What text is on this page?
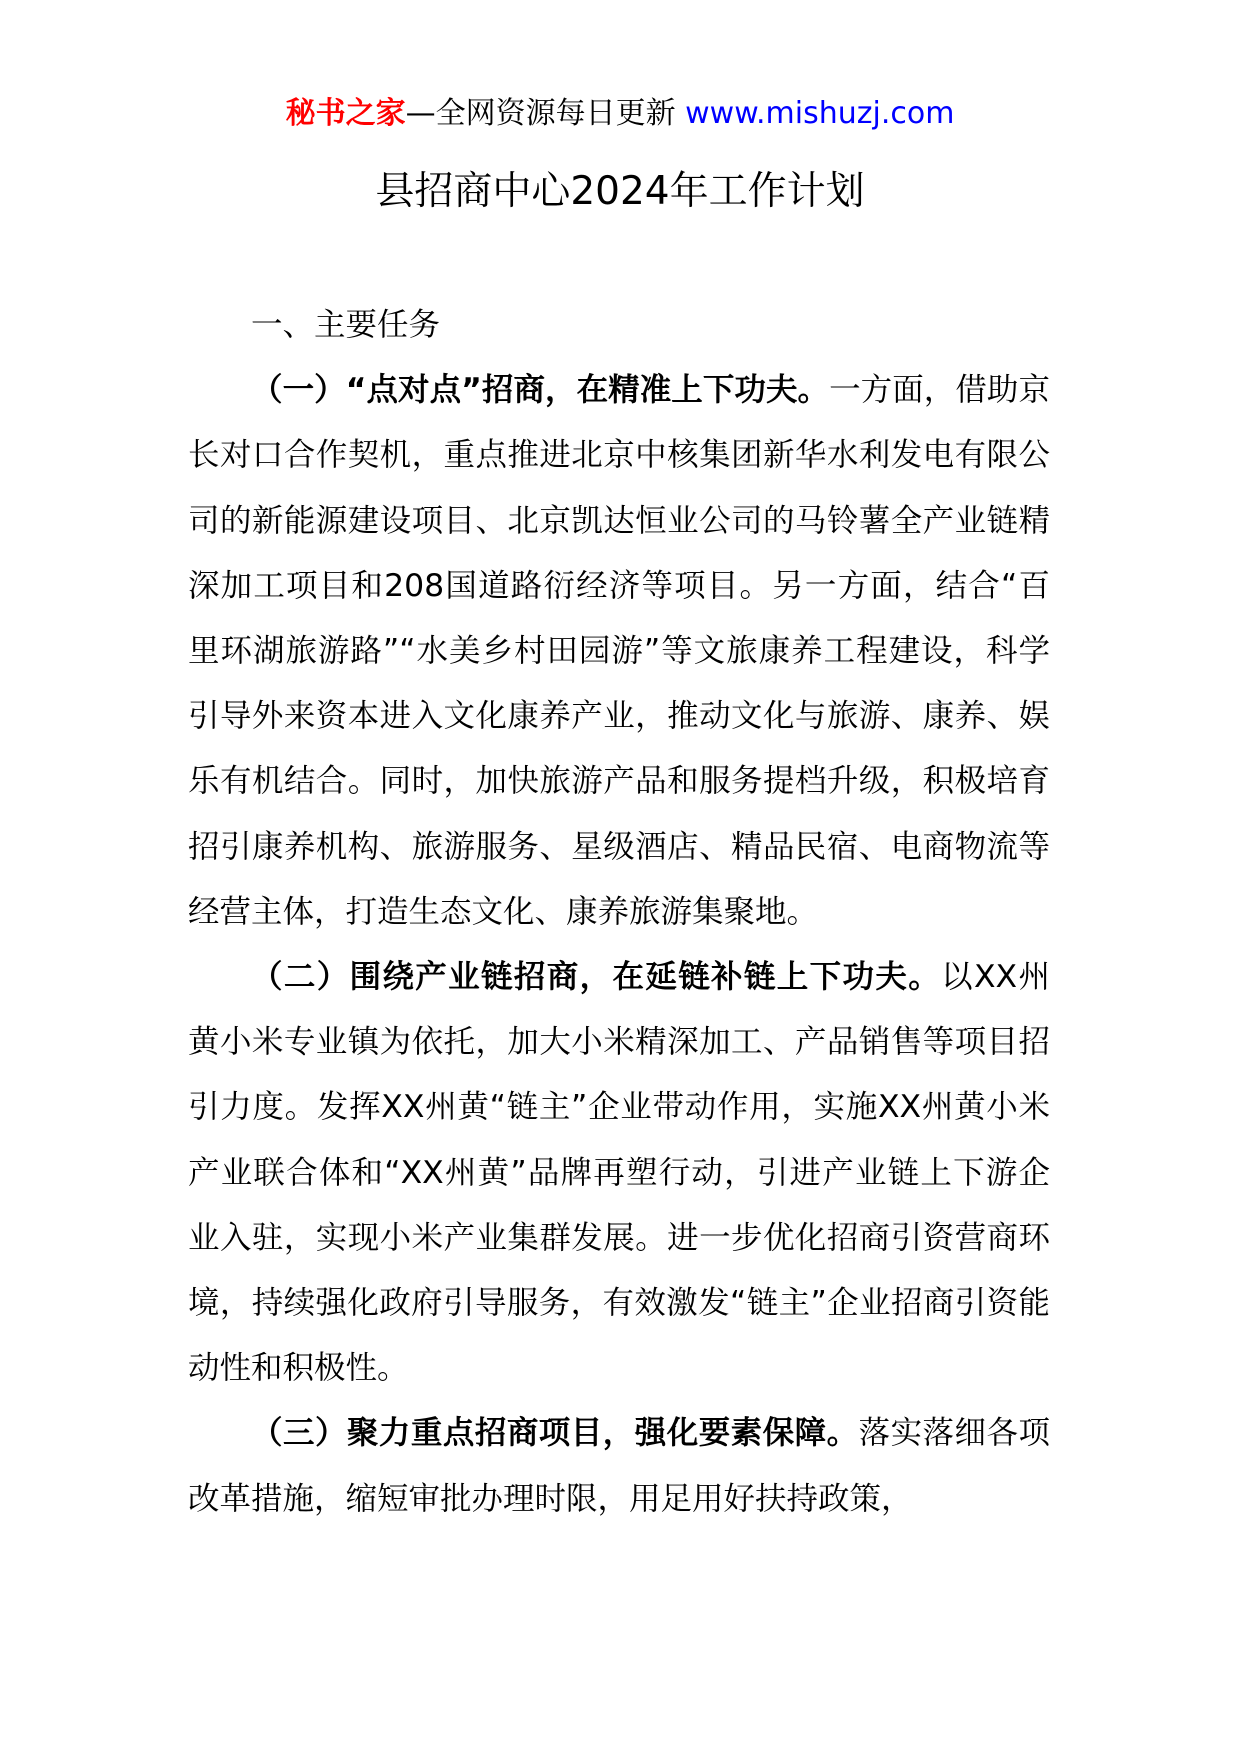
秘书之家—全网资源每日更新 www.mishuzj.com
县招商中心2024年工作计划

一、主要任务

（一）“点对点”招商，在精准上下功夫。一方面，借助京长对口合作契机，重点推进北京中核集团新华水利发电有限公司的新能源建设项目、北京凯达恒业公司的马铃薯全产业链精深加工项目和208国道路衍经济等项目。另一方面，结合“百里环湖旅游路”“水美乡村田园游”等文旅康养工程建设，科学引导外来资本进入文化康养产业，推动文化与旅游、康养、娱乐有机结合。同时，加快旅游产品和服务提档升级，积极培育招引康养机构、旅游服务、星级酒店、精品民宿、电商物流等经营主体，打造生态文化、康养旅游集聚地。

（二）围绕产业链招商，在延链补链上下功夫。以XX州黄小米专业镇为依托，加大小米精深加工、产品销售等项目招引力度。发挥XX州黄“链主”企业带动作用，实施XX州黄小米产业联合体和“XX州黄”品牌再塑行动，引进产业链上下游企业入驻，实现小米产业集群发展。进一步优化招商引资营商环境，持续强化政府引导服务，有效激发“链主”企业招商引资能动性和积极性。

（三）聚力重点招商项目，强化要素保障。落实落细各项改革措施，缩短审批办理时限，用足用好扶持政策，
